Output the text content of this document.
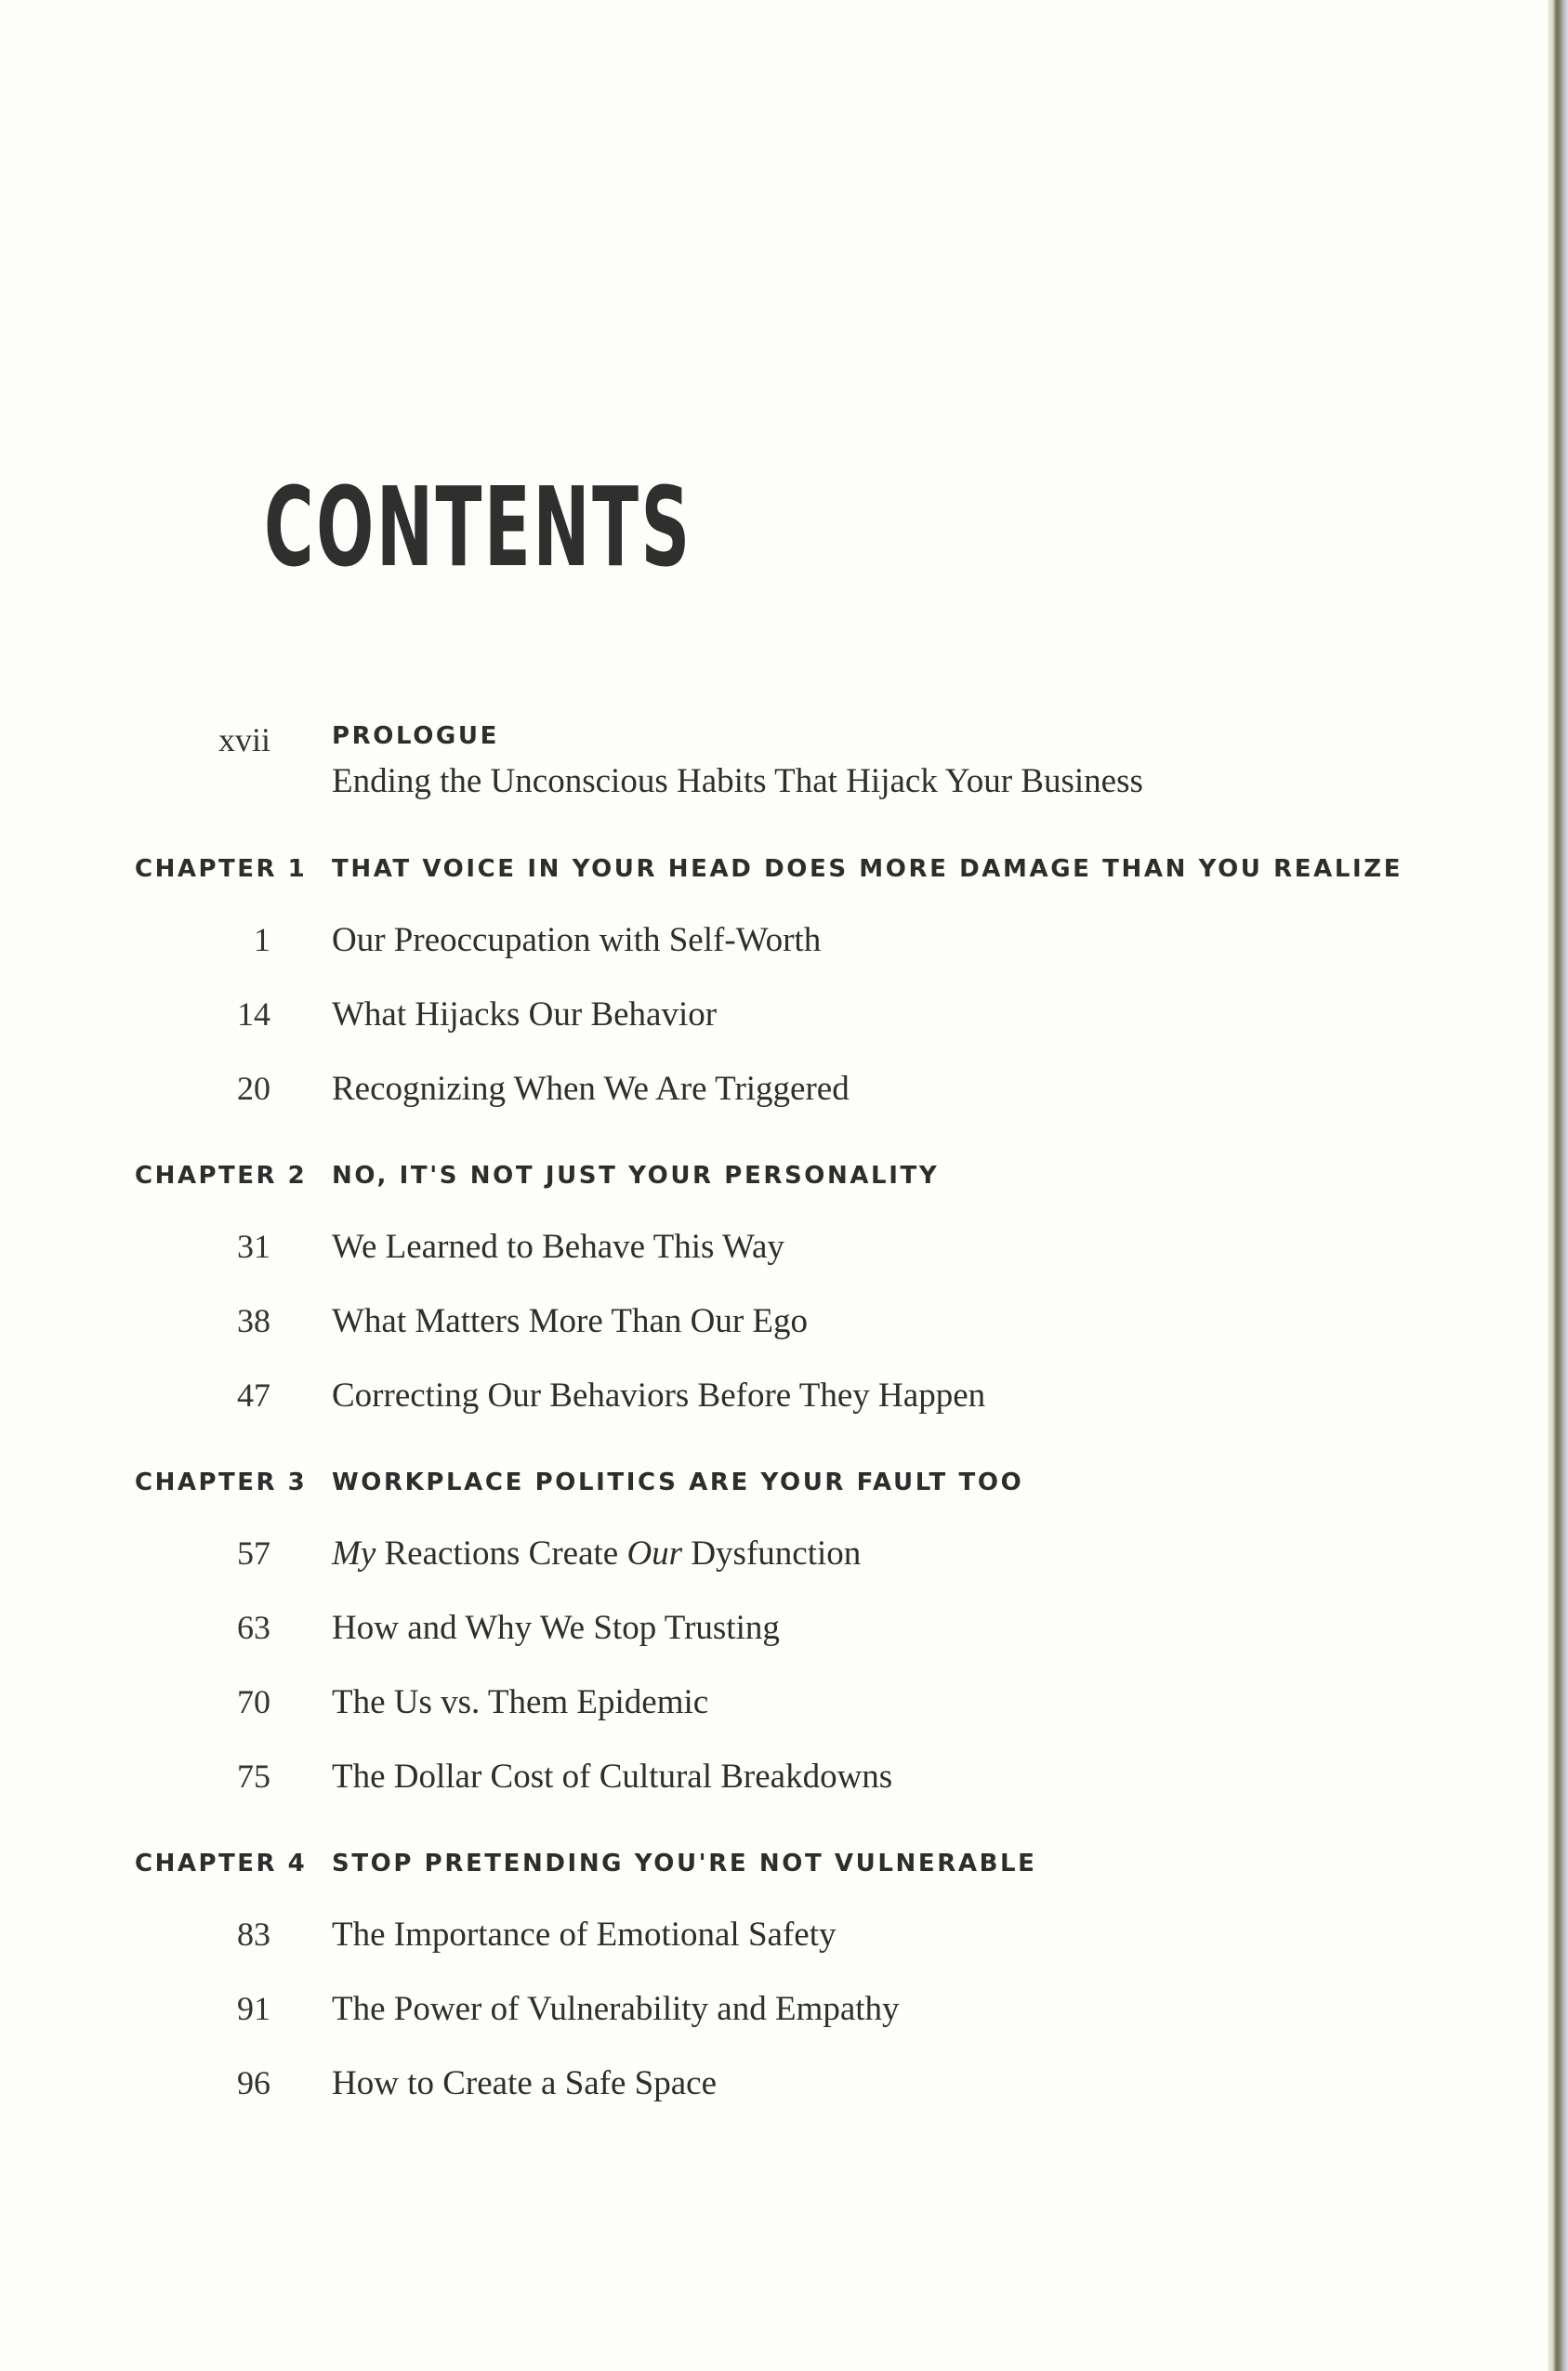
CONTENTS
xvii	PROLOGUE
Ending the Unconscious Habits That Hijack Your Business
CHAPTER 1 THAT VOICE IN YOUR HEAD DOES MORE DAMAGE THAN YOU REALIZE
1 Our Preoccupation with Self-Worth
14 What Hijacks Our Behavior
20 Recognizing When We Are Triggered
CHAPTER 2 NO, IT'S NOT JUST YOUR PERSONALITY
31 We Learned to Behave This Way
38 What Matters More Than Our Ego
47 Correcting Our Behaviors Before They Happen
CHAPTER 3 WORKPLACE POLITICS ARE YOUR FAULT TOO
57 My Reactions Create Our Dysfunction
63 How and Why We Stop Trusting
70 The Us vs. Them Epidemic
75 The Dollar Cost of Cultural Breakdowns
CHAPTER 4 STOP PRETENDING YOU'RE NOT VULNERABLE
83 The Importance of Emotional Safety
91 The Power of Vulnerability and Empathy
96 How to Create a Safe Space
